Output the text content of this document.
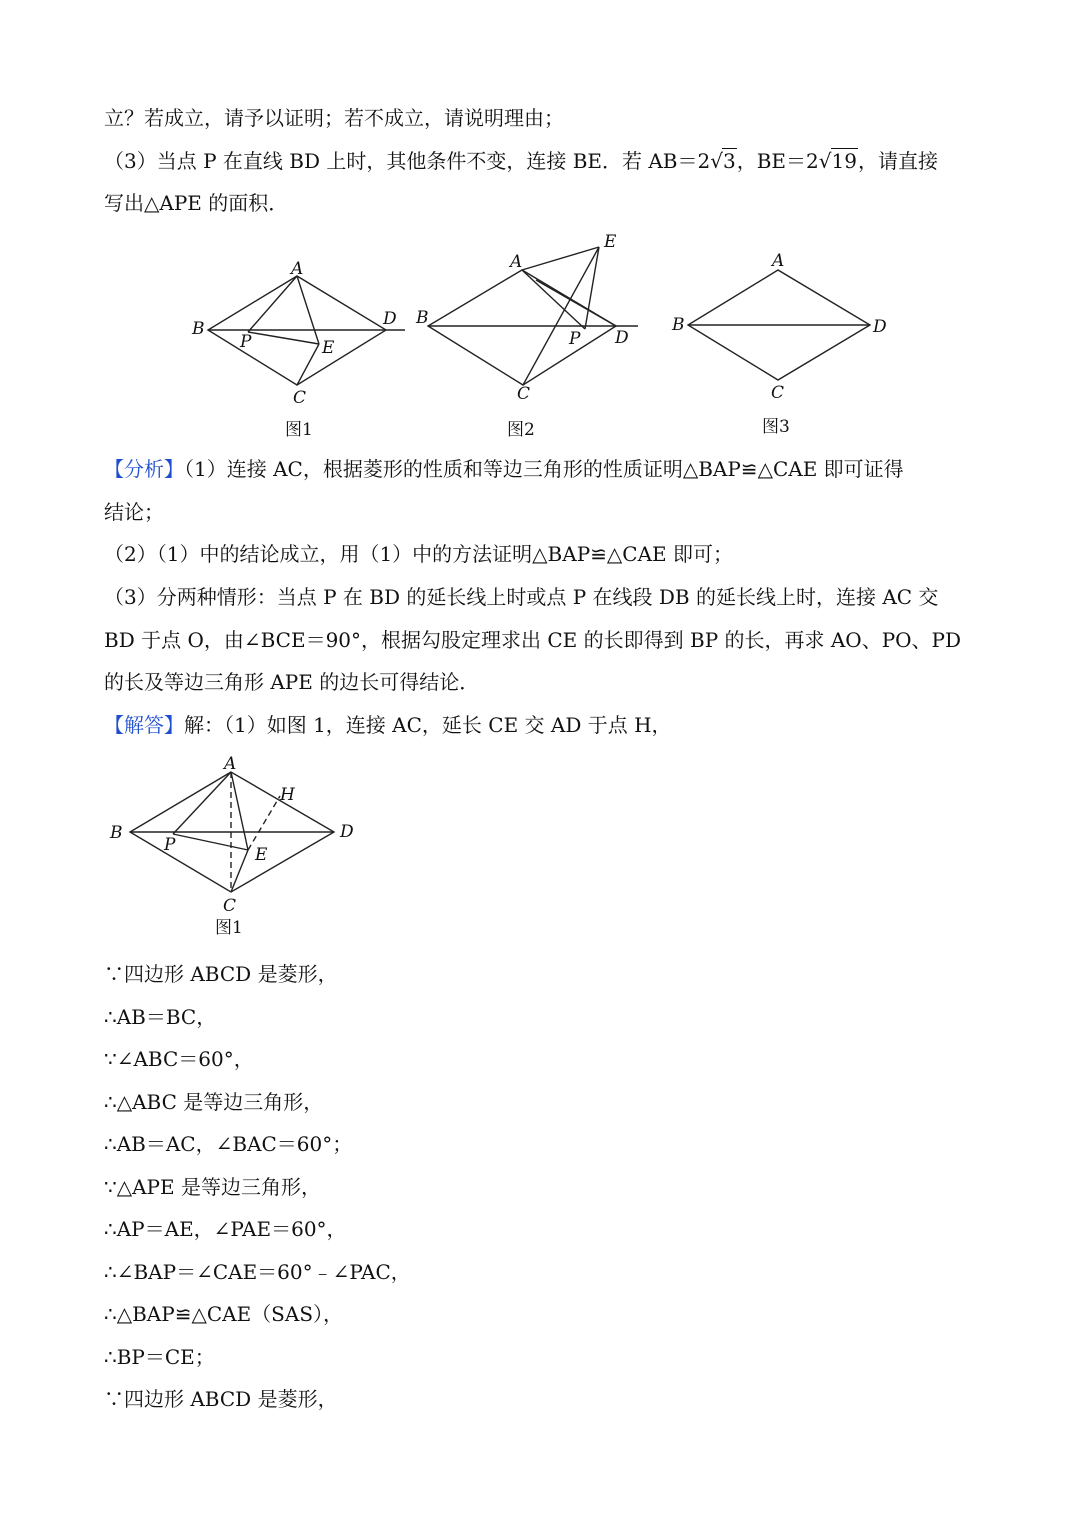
立？若成立，请予以证明；若不成立，请说明理由；
（3）当点 P 在直线 BD 上时，其他条件不变，连接 BE．若 AB＝2√3，BE＝2√19，请直接
写出△APE 的面积．
A
B
C
D
P	E
图1
A
B
C
D
P
E
图2
A
B
C
D
图3
【分析】（1）连接 AC，根据菱形的性质和等边三角形的性质证明△BAP≌△CAE 即可证得
结论；
（2）（1）中的结论成立，用（1）中的方法证明△BAP≌△CAE 即可；
（3）分两种情形：当点 P 在 BD 的延长线上时或点 P 在线段 DB 的延长线上时，连接 AC 交
BD 于点 O，由∠BCE＝90°，根据勾股定理求出 CE 的长即得到 BP 的长，再求 AO、PO、PD
的长及等边三角形 APE 的边长可得结论．
【解答】解：（1）如图 1，连接 AC，延长 CE 交 AD 于点 H，
A
B
C
D
P	E
H
图1
∵四边形 ABCD 是菱形，
∴AB＝BC，
∵∠ABC＝60°，
∴△ABC 是等边三角形，
∴AB＝AC，∠BAC＝60°；
∵△APE 是等边三角形，
∴AP＝AE，∠PAE＝60°，
∴∠BAP＝∠CAE＝60°﹣∠PAC，
∴△BAP≌△CAE（SAS），
∴BP＝CE；
∵四边形 ABCD 是菱形，
